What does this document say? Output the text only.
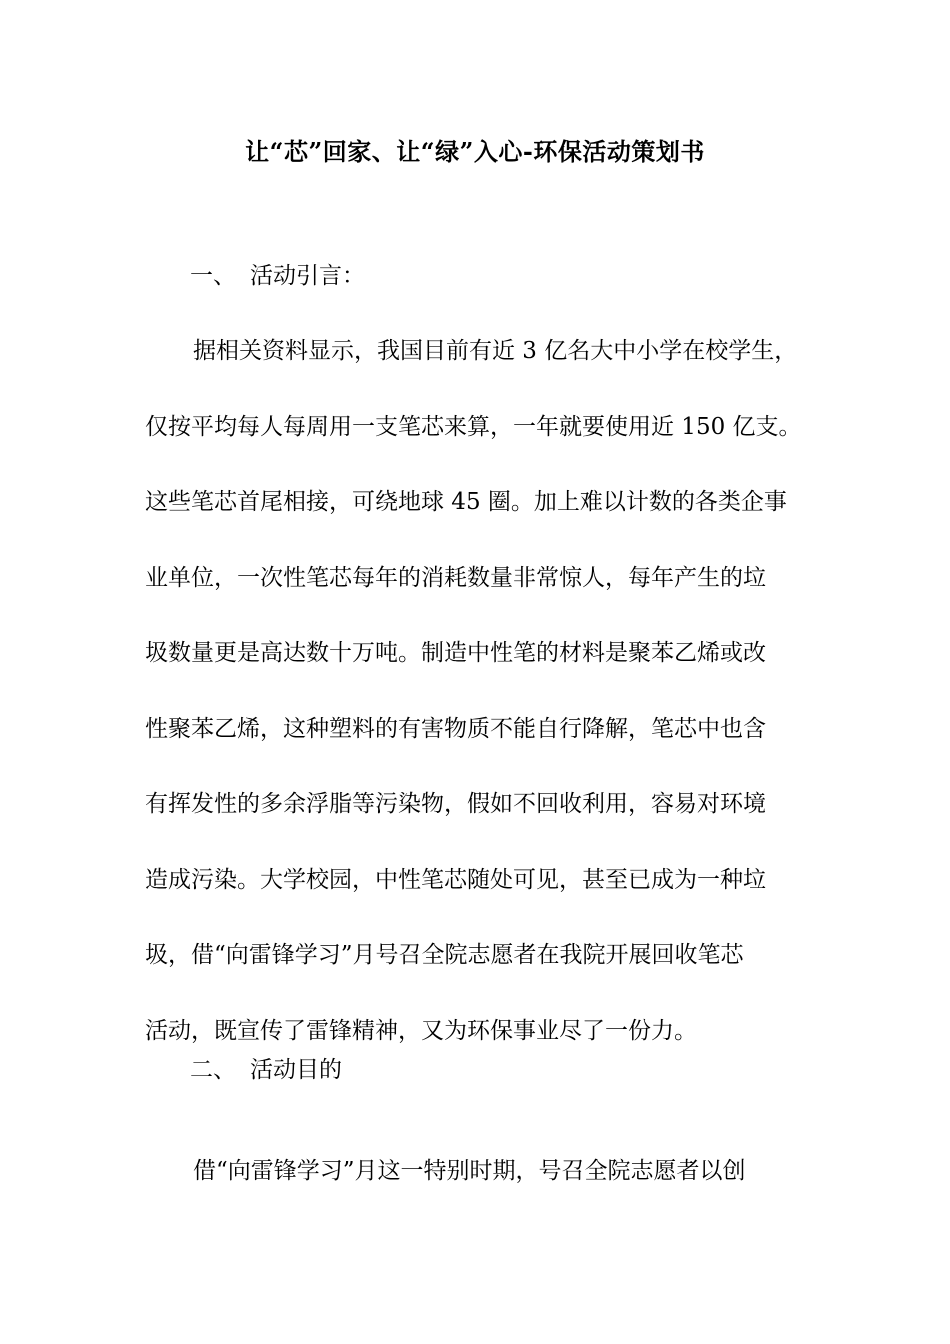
让“芯”回家、让“绿”入心-环保活动策划书
一、 活动引言：
据相关资料显示，我国目前有近 3 亿名大中小学在校学生，
仅按平均每人每周用一支笔芯来算，一年就要使用近 150 亿支。
这些笔芯首尾相接，可绕地球 45 圈。加上难以计数的各类企事
业单位，一次性笔芯每年的消耗数量非常惊人，每年产生的垃
圾数量更是高达数十万吨。制造中性笔的材料是聚苯乙烯或改
性聚苯乙烯，这种塑料的有害物质不能自行降解，笔芯中也含
有挥发性的多余浮脂等污染物，假如不回收利用，容易对环境
造成污染。大学校园，中性笔芯随处可见，甚至已成为一种垃
圾，借“向雷锋学习”月号召全院志愿者在我院开展回收笔芯
活动，既宣传了雷锋精神，又为环保事业尽了一份力。
二、 活动目的
借“向雷锋学习”月这一特别时期，号召全院志愿者以创
